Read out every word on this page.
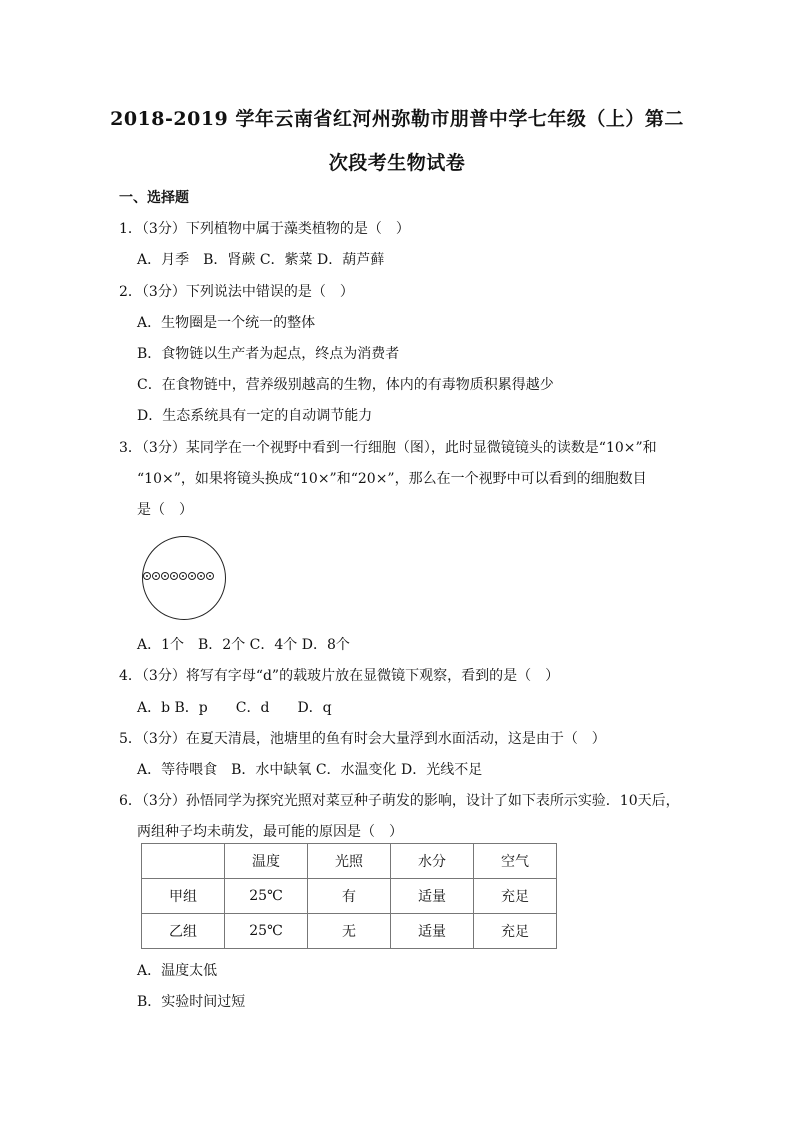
2018-2019 学年云南省红河州弥勒市朋普中学七年级（上）第二
次段考生物试卷
一、选择题
1．（3分）下列植物中属于藻类植物的是（　）
A．月季　B．肾蕨 C．紫菜 D．葫芦藓
2．（3分）下列说法中错误的是（　）
A．生物圈是一个统一的整体
B．食物链以生产者为起点，终点为消费者
C．在食物链中，营养级别越高的生物，体内的有毒物质积累得越少
D．生态系统具有一定的自动调节能力
3．（3分）某同学在一个视野中看到一行细胞（图），此时显微镜镜头的读数是“10×”和
“10×”，如果将镜头换成“10×”和“20×”，那么在一个视野中可以看到的细胞数目
是（　）
A．1个　B．2个 C．4个 D．8个
4．（3分）将写有字母“d”的载玻片放在显微镜下观察，看到的是（　）
A．b B．p　　C．d　　D．q
5．（3分）在夏天清晨，池塘里的鱼有时会大量浮到水面活动，这是由于（　）
A．等待喂食　B．水中缺氧 C．水温变化 D．光线不足
6．（3分）孙悟同学为探究光照对菜豆种子萌发的影响，设计了如下表所示实验．10天后，
两组种子均未萌发，最可能的原因是（　）
	温度	光照	水分	空气
甲组	25℃	有	适量	充足
乙组	25℃	无	适量	充足
A．温度太低
B．实验时间过短
